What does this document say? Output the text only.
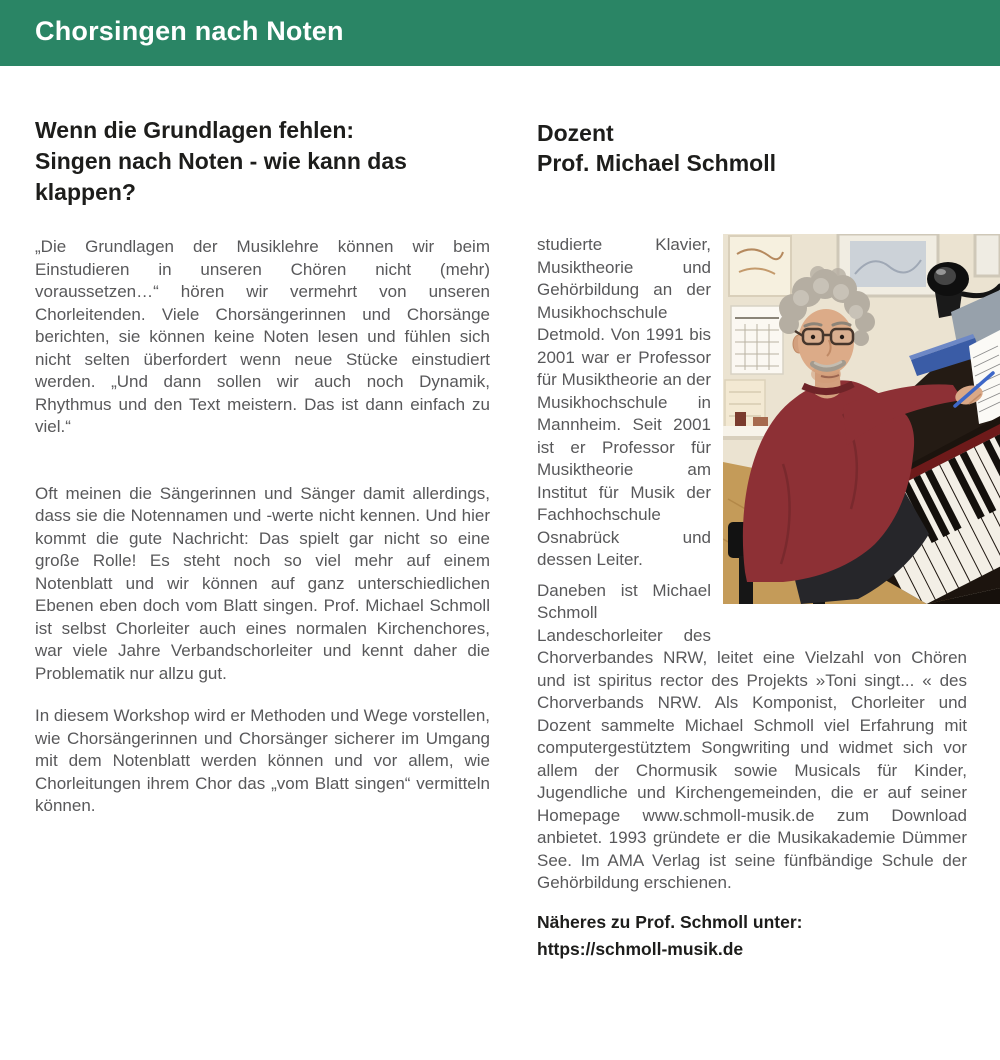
Chorsingen nach Noten
Wenn die Grundlagen fehlen:
Singen nach Noten - wie kann das
klappen?

„Die Grundlagen der Musiklehre können wir beim Einstudieren in unseren Chören nicht (mehr) voraussetzen…“ hören wir vermehrt von unseren Chorleitenden. Viele Chorsängerinnen und Chorsänge berichten, sie können keine Noten lesen und fühlen sich nicht selten überfordert wenn neue Stücke einstudiert werden. „Und dann sollen wir auch noch Dynamik, Rhythmus und den Text meistern. Das ist dann einfach zu viel.“

Oft meinen die Sängerinnen und Sänger damit allerdings, dass sie die Notennamen und -werte nicht kennen. Und hier kommt die gute Nachricht: Das spielt gar nicht so eine große Rolle! Es steht noch so viel mehr auf einem Notenblatt und wir können auf ganz unterschiedlichen Ebenen eben doch vom Blatt singen. Prof. Michael Schmoll ist selbst Chorleiter auch eines normalen Kirchenchores, war viele Jahre Verbandschorleiter und kennt daher die Problematik nur allzu gut.

In diesem Workshop wird er Methoden und Wege vorstellen, wie Chorsängerinnen und Chorsänger sicherer im Umgang mit dem Notenblatt werden können und vor allem, wie Chorleitungen ihrem Chor das „vom Blatt singen“ vermitteln können.

Dozent
Prof. Michael Schmoll

studierte Klavier, Musiktheorie und Gehörbildung an der Musikhochschule Detmold. Von 1991 bis 2001 war er Professor für Musiktheorie an der Musikhochschule in Mannheim. Seit 2001 ist er Professor für Musiktheorie am Institut für Musik der Fachhochschule Osnabrück und dessen Leiter.

Daneben ist Michael Schmoll Landeschorleiter des Chorverbandes NRW, leitet eine Vielzahl von Chören und ist spiritus rector des Projekts »Toni singt... « des Chorverbands NRW. Als Komponist, Chorleiter und Dozent sammelte Michael Schmoll viel Erfahrung mit computergestütztem Songwriting und widmet sich vor allem der Chormusik sowie Musicals für Kinder, Jugendliche und Kirchengemeinden, die er auf seiner Homepage www.schmoll-musik.de zum Download anbietet. 1993 gründete er die Musikakademie Dümmer See. Im AMA Verlag ist seine fünfbändige Schule der Gehörbildung erschienen.

Näheres zu Prof. Schmoll unter:

https://schmoll-musik.de
